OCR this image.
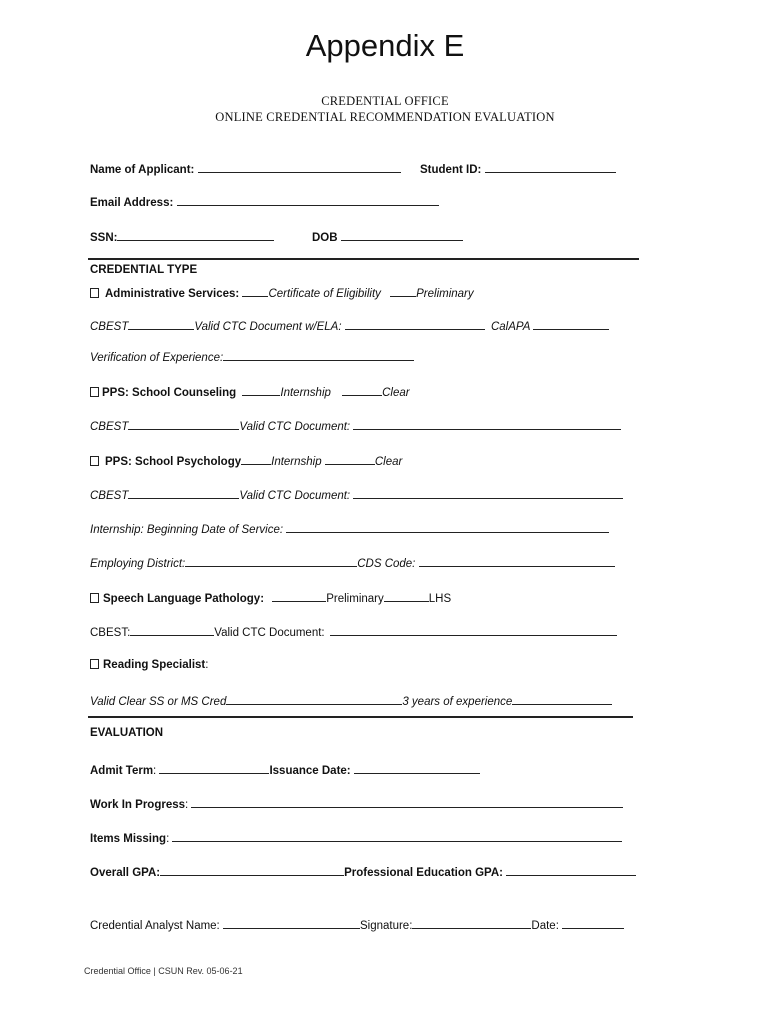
Appendix E
CREDENTIAL OFFICE
ONLINE CREDENTIAL RECOMMENDATION EVALUATION
Name of Applicant:	Student ID:
Email Address:
SSN:	DOB
CREDENTIAL TYPE
Administrative Services:	Certificate of Eligibility	Preliminary
CBEST	Valid CTC Document w/ELA:	CalAPA
Verification of Experience:
PPS: School Counseling	Internship	Clear
CBEST	Valid CTC Document:
PPS: School Psychology	Internship	Clear
CBEST	Valid CTC Document:
Internship: Beginning Date of Service:
Employing District:	CDS Code:
Speech Language Pathology:	Preliminary	LHS
CBEST:	Valid CTC Document:
Reading Specialist:
Valid Clear SS or MS Cred	3 years of experience
EVALUATION
Admit Term:	Issuance Date:
Work In Progress:
Items Missing:
Overall GPA:	Professional Education GPA:
Credential Analyst Name:	Signature:	Date:
Credential Office | CSUN Rev. 05-06-21
